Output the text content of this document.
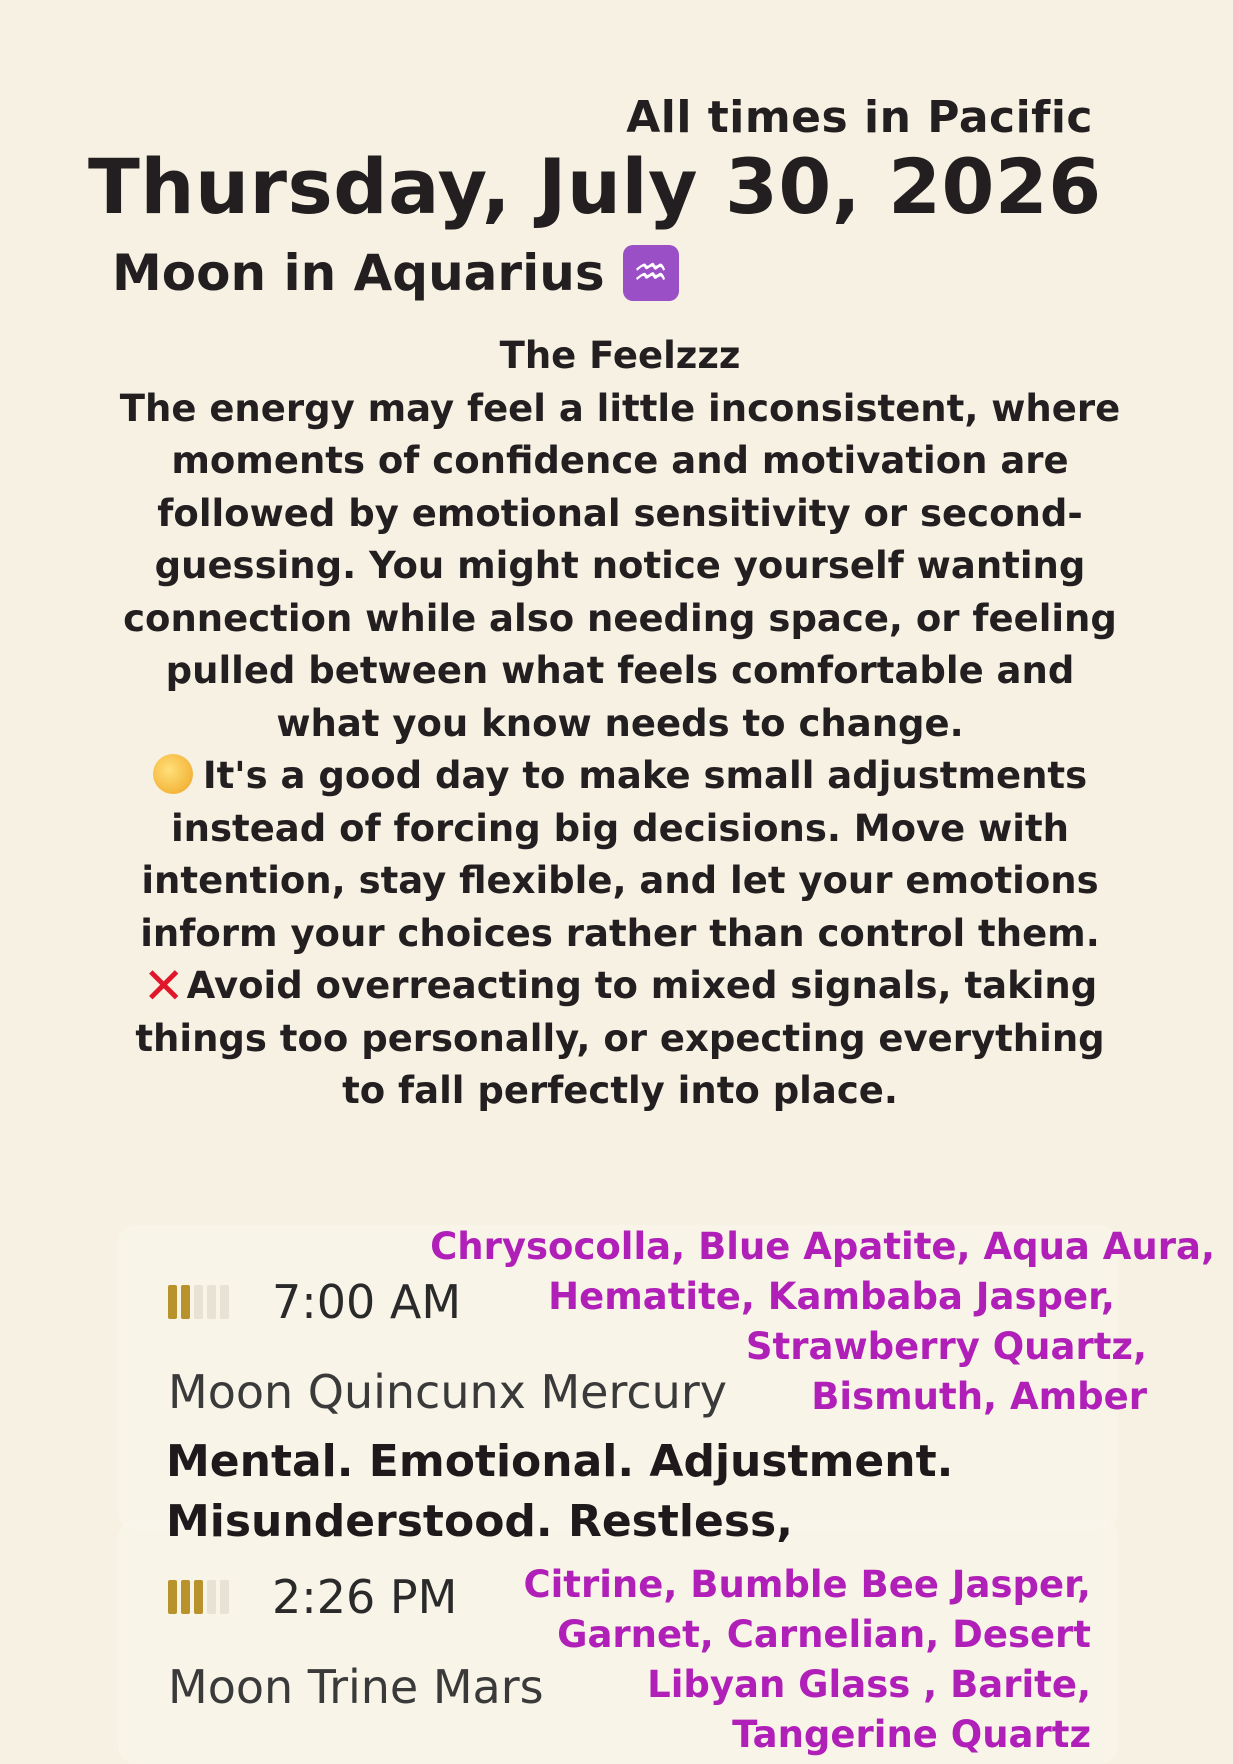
All times in Pacific
Thursday, July 30, 2026
Moon in Aquarius ♒

The Feelzzz

The energy may feel a little inconsistent, where moments of confidence and motivation are followed by emotional sensitivity or second-guessing. You might notice yourself wanting connection while also needing space, or feeling pulled between what feels comfortable and what you know needs to change.

It's a good day to make small adjustments instead of forcing big decisions. Move with intention, stay flexible, and let your emotions inform your choices rather than control them.

✕Avoid overreacting to mixed signals, taking things too personally, or expecting everything to fall perfectly into place.

7:00 AM
Moon Quincunx Mercury
Chrysocolla, Blue Apatite, Aqua Aura,
Hematite, Kambaba Jasper,
Strawberry Quartz,
Bismuth, Amber
Mental. Emotional. Adjustment.
Misunderstood. Restless,
2:26 PM
Moon Trine Mars
Citrine, Bumble Bee Jasper,
Garnet, Carnelian, Desert
Libyan Glass , Barite,
Tangerine Quartz
